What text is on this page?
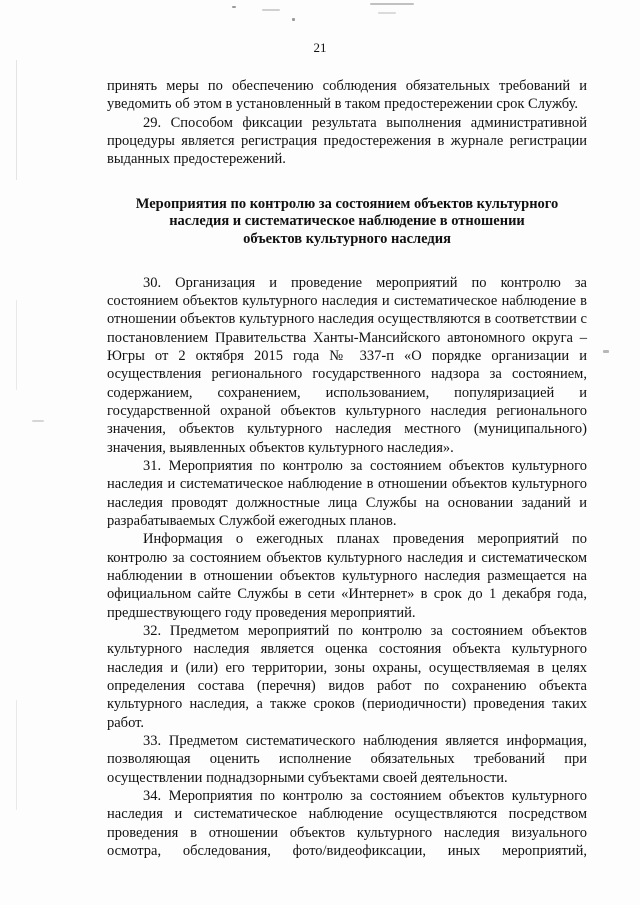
21

принять меры по обеспечению соблюдения обязательных требований и уведомить об этом в установленный в таком предостережении срок Службу.

29. Способом фиксации результата выполнения административной процедуры является регистрация предостережения в журнале регистрации выданных предостережений.

Мероприятия по контролю за состоянием объектов культурного
наследия и систематическое наблюдение в отношении
объектов культурного наследия

30. Организация и проведение мероприятий по контролю за состоянием объектов культурного наследия и систематическое наблюдение в отношении объектов культурного наследия осуществляются в соответствии с постановлением Правительства Ханты-Мансийского автономного округа – Югры от 2 октября 2015 года № 337-п «О порядке организации и осуществления регионального государственного надзора за состоянием, содержанием, сохранением, использованием, популяризацией и государственной охраной объектов культурного наследия регионального значения, объектов культурного наследия местного (муниципального) значения, выявленных объектов культурного наследия».

31. Мероприятия по контролю за состоянием объектов культурного наследия и систематическое наблюдение в отношении объектов культурного наследия проводят должностные лица Службы на основании заданий и разрабатываемых Службой ежегодных планов.

Информация о ежегодных планах проведения мероприятий по контролю за состоянием объектов культурного наследия и систематическом наблюдении в отношении объектов культурного наследия размещается на официальном сайте Службы в сети «Интернет» в срок до 1 декабря года, предшествующего году проведения мероприятий.

32. Предметом мероприятий по контролю за состоянием объектов культурного наследия является оценка состояния объекта культурного наследия и (или) его территории, зоны охраны, осуществляемая в целях определения состава (перечня) видов работ по сохранению объекта культурного наследия, а также сроков (периодичности) проведения таких работ.

33. Предметом систематического наблюдения является информация, позволяющая оценить исполнение обязательных требований при осуществлении поднадзорными субъектами своей деятельности.

34. Мероприятия по контролю за состоянием объектов культурного наследия и систематическое наблюдение осуществляются посредством проведения в отношении объектов культурного наследия визуального осмотра, обследования, фото/видеофиксации, иных мероприятий,
